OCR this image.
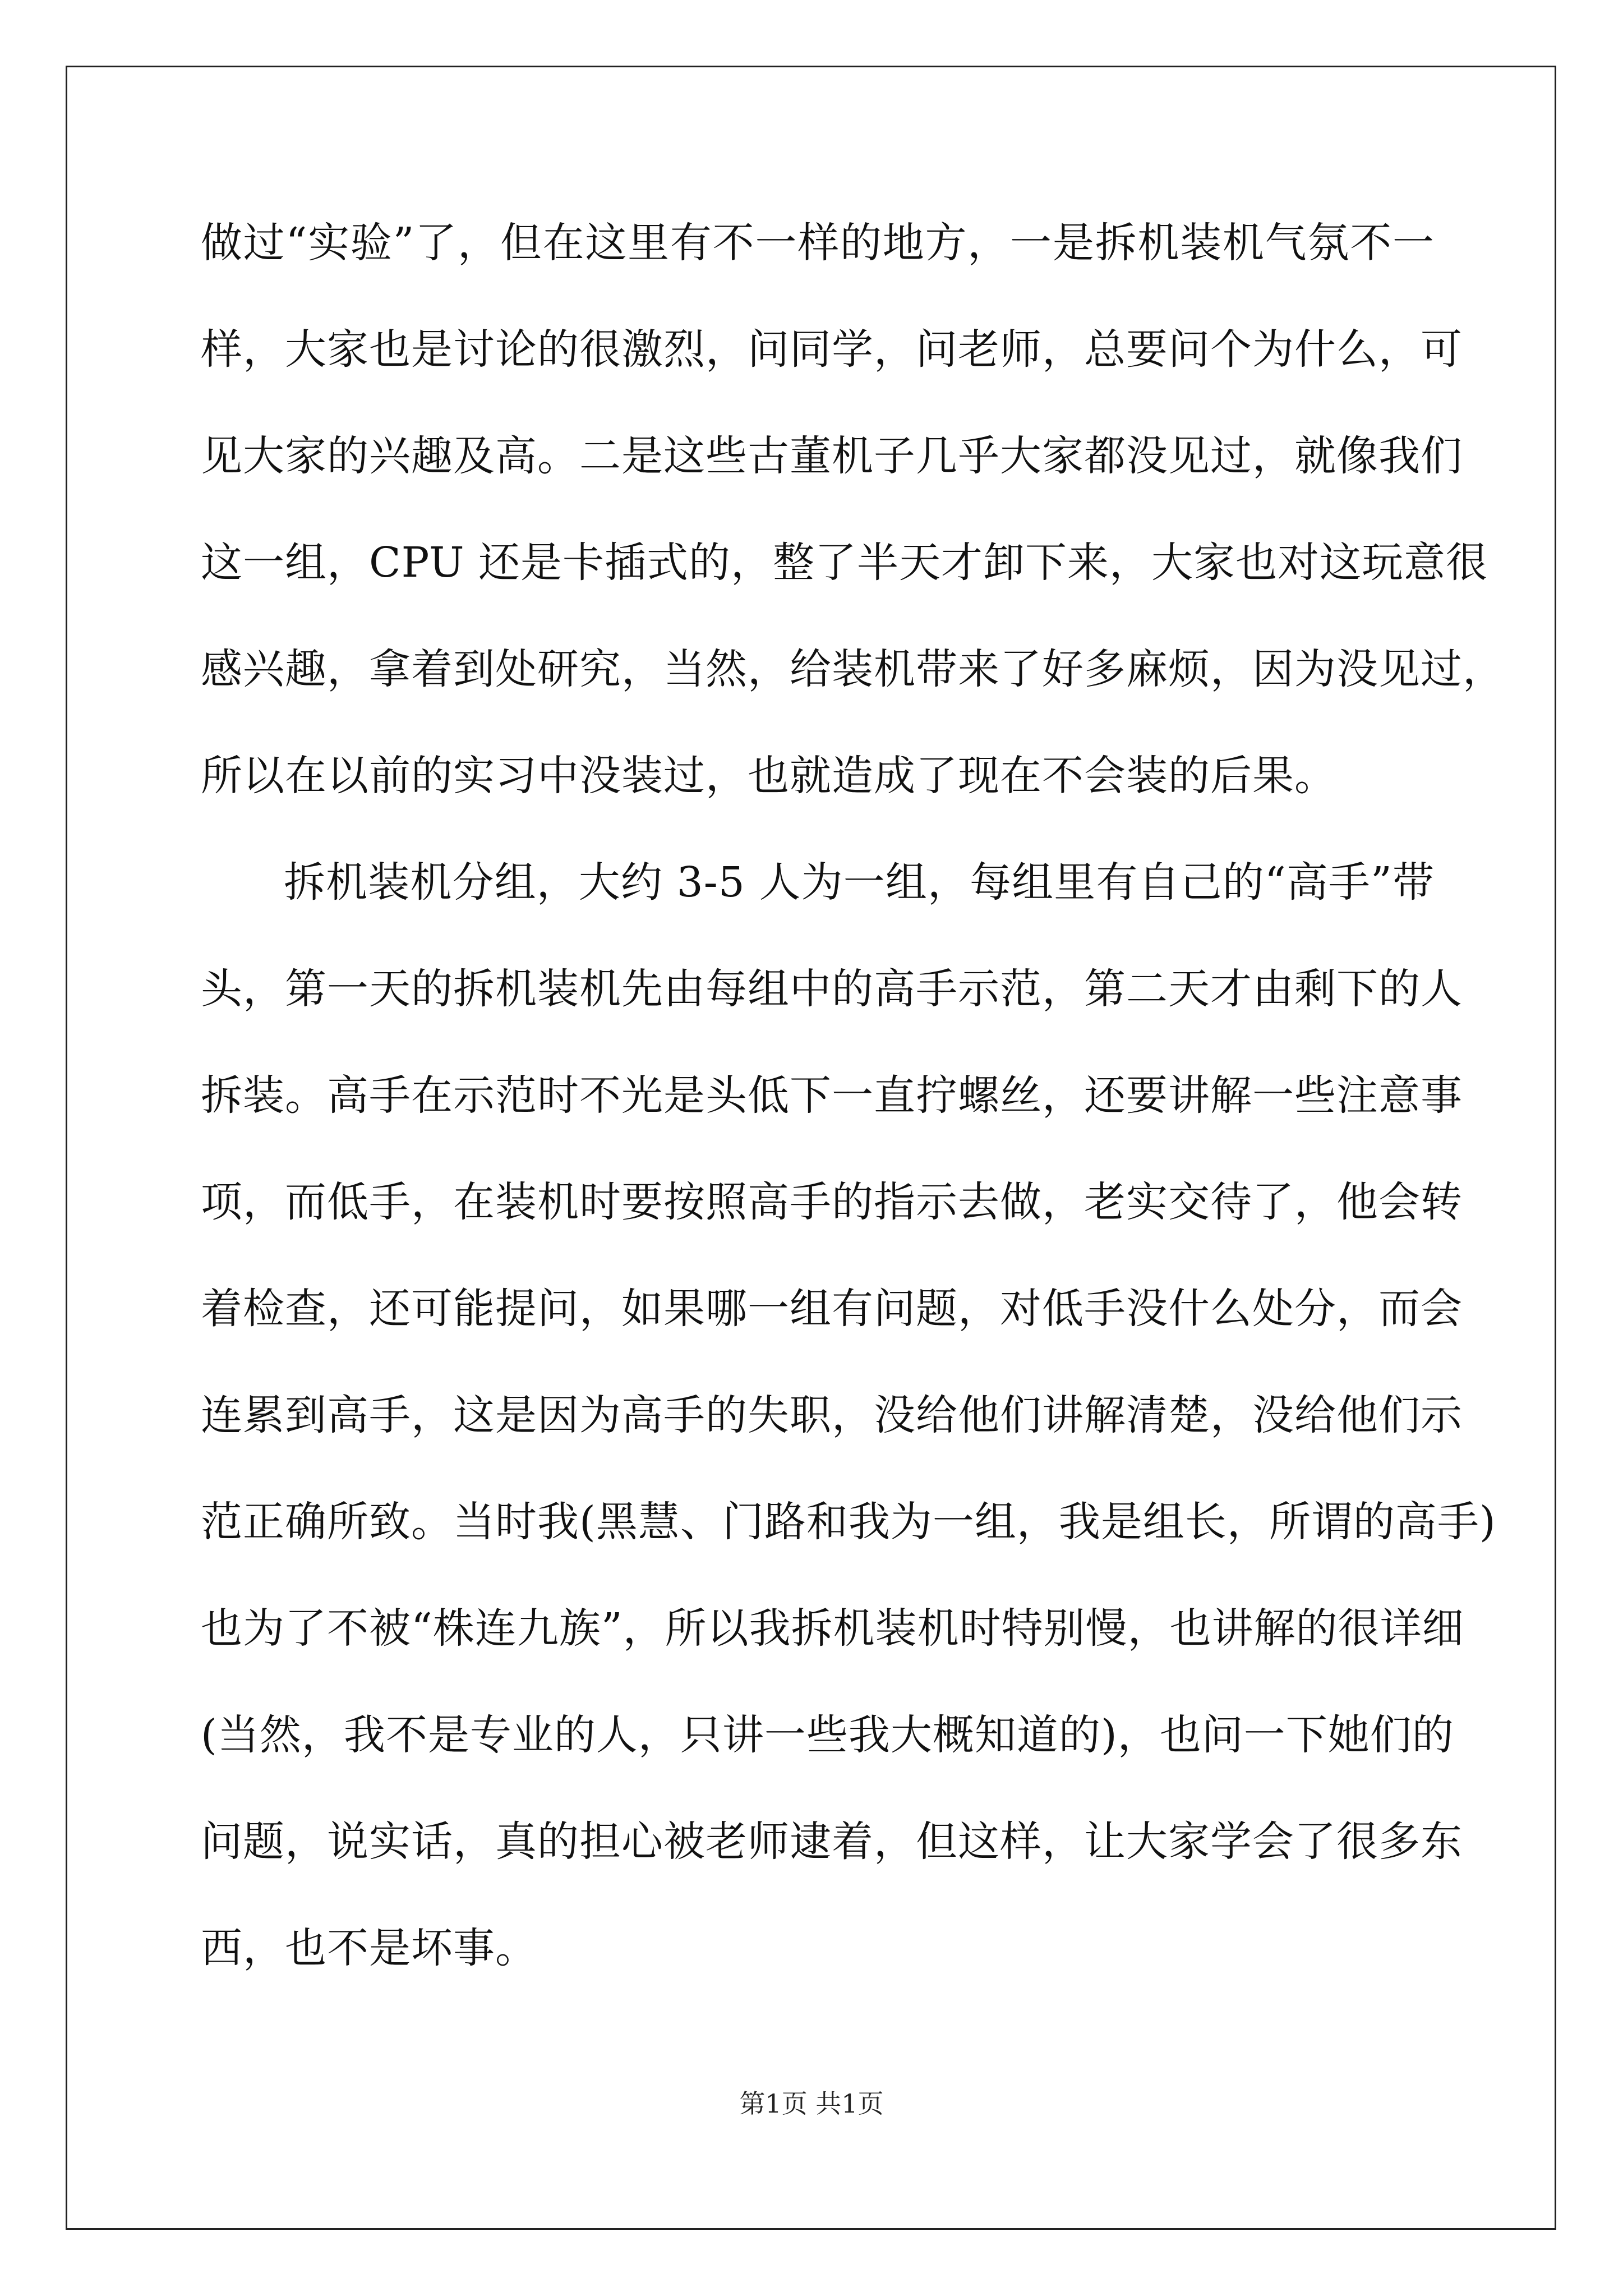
做过“实验”了，但在这里有不一样的地方，一是拆机装机气氛不一
样，大家也是讨论的很激烈，问同学，问老师，总要问个为什么，可
见大家的兴趣及高。二是这些古董机子几乎大家都没见过，就像我们
这一组，CPU 还是卡插式的，整了半天才卸下来，大家也对这玩意很
感兴趣，拿着到处研究，当然，给装机带来了好多麻烦，因为没见过，
所以在以前的实习中没装过，也就造成了现在不会装的后果。
拆机装机分组，大约 3-5 人为一组，每组里有自己的“高手”带
头，第一天的拆机装机先由每组中的高手示范，第二天才由剩下的人
拆装。高手在示范时不光是头低下一直拧螺丝，还要讲解一些注意事
项，而低手，在装机时要按照高手的指示去做，老实交待了，他会转
着检查，还可能提问，如果哪一组有问题，对低手没什么处分，而会
连累到高手，这是因为高手的失职，没给他们讲解清楚，没给他们示
范正确所致。当时我(黑慧、门路和我为一组，我是组长，所谓的高手)
也为了不被“株连九族”，所以我拆机装机时特别慢，也讲解的很详细
(当然，我不是专业的人，只讲一些我大概知道的)，也问一下她们的
问题，说实话，真的担心被老师逮着，但这样，让大家学会了很多东
西，也不是坏事。
第1页 共1页
